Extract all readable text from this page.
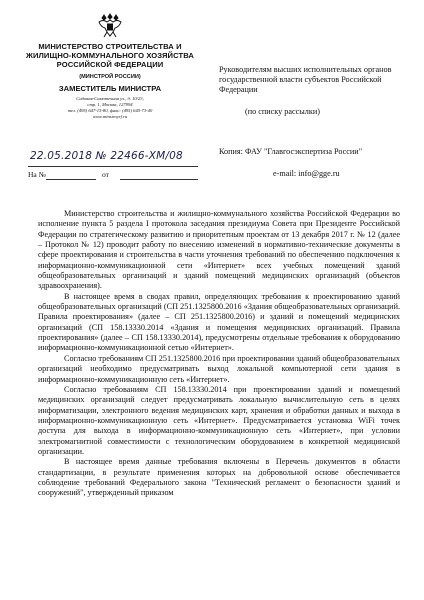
МИНИСТЕРСТВО СТРОИТЕЛЬСТВА И ЖИЛИЩНО-КОММУНАЛЬНОГО ХОЗЯЙСТВА РОССИЙСКОЙ ФЕДЕРАЦИИ
(МИНСТРОЙ РОССИИ)
ЗАМЕСТИТЕЛЬ МИНИСТРА
Садовая-Самотечная ул., д. 10/23,
стр. 1, Москва, 127994
тел. (495) 647-15-80, факс: (495) 645-73-40
www.minstroyrf.ru
22.05.2018 № 22466-ХМ/08
На №	от
Руководителям высших исполнительных органов государственной власти субъектов Российской Федерации
(по списку рассылки)
Копия: ФАУ "Главгосэкспертиза России"
e-mail: info@gge.ru

Министерство строительства и жилищно-коммунального хозяйства Российской Федерации во исполнение пункта 5 раздела I протокола заседания президиума Совета при Президенте Российской Федерации по стратегическому развитию и приоритетным проектам от 13 декабря 2017 г. № 12 (далее – Протокол № 12) проводит работу по внесению изменений в нормативно-технические документы в сфере проектирования и строительства в части уточнения требований по обеспечению подключения к информационно-коммуникационной сети «Интернет» всех учебных помещений зданий общеобразовательных организаций и зданий помещений медицинских организаций (объектов здравоохранения).

В настоящее время в сводах правил, определяющих требования к проектированию зданий общеобразовательных организаций (СП 251.1325800.2016 «Здания общеобразовательных организаций. Правила проектирования» (далее – СП 251.1325800.2016) и зданий и помещений медицинских организаций (СП 158.13330.2014 «Здания и помещения медицинских организаций. Правила проектирования» (далее – СП 158.13330.2014), предусмотрены отдельные требования к оборудованию информационно-коммуникационной сетью «Интернет».

Согласно требованиям СП 251.1325800.2016 при проектировании зданий общеобразовательных организаций необходимо предусматривать выход локальной компьютерной сети здания в информационно-коммуникационную сеть «Интернет».

Согласно требованиям СП 158.13330.2014 при проектировании зданий и помещений медицинских организаций следует предусматривать локальную вычислительную сеть в целях информатизации, электронного ведения медицинских карт, хранения и обработки данных и выхода в информационно-коммуникационную сеть «Интернет». Предусматривается установка WiFi точек доступа для выхода в информационно-коммуникационную сеть «Интернет», при условии электромагнитной совместимости с технологическим оборудованием в конкретной медицинской организации.

В настоящее время данные требования включены в Перечень документов в области стандартизации, в результате применения которых на добровольной основе обеспечивается соблюдение требований Федерального закона "Технический регламент о безопасности зданий и сооружений", утвержденный приказом
